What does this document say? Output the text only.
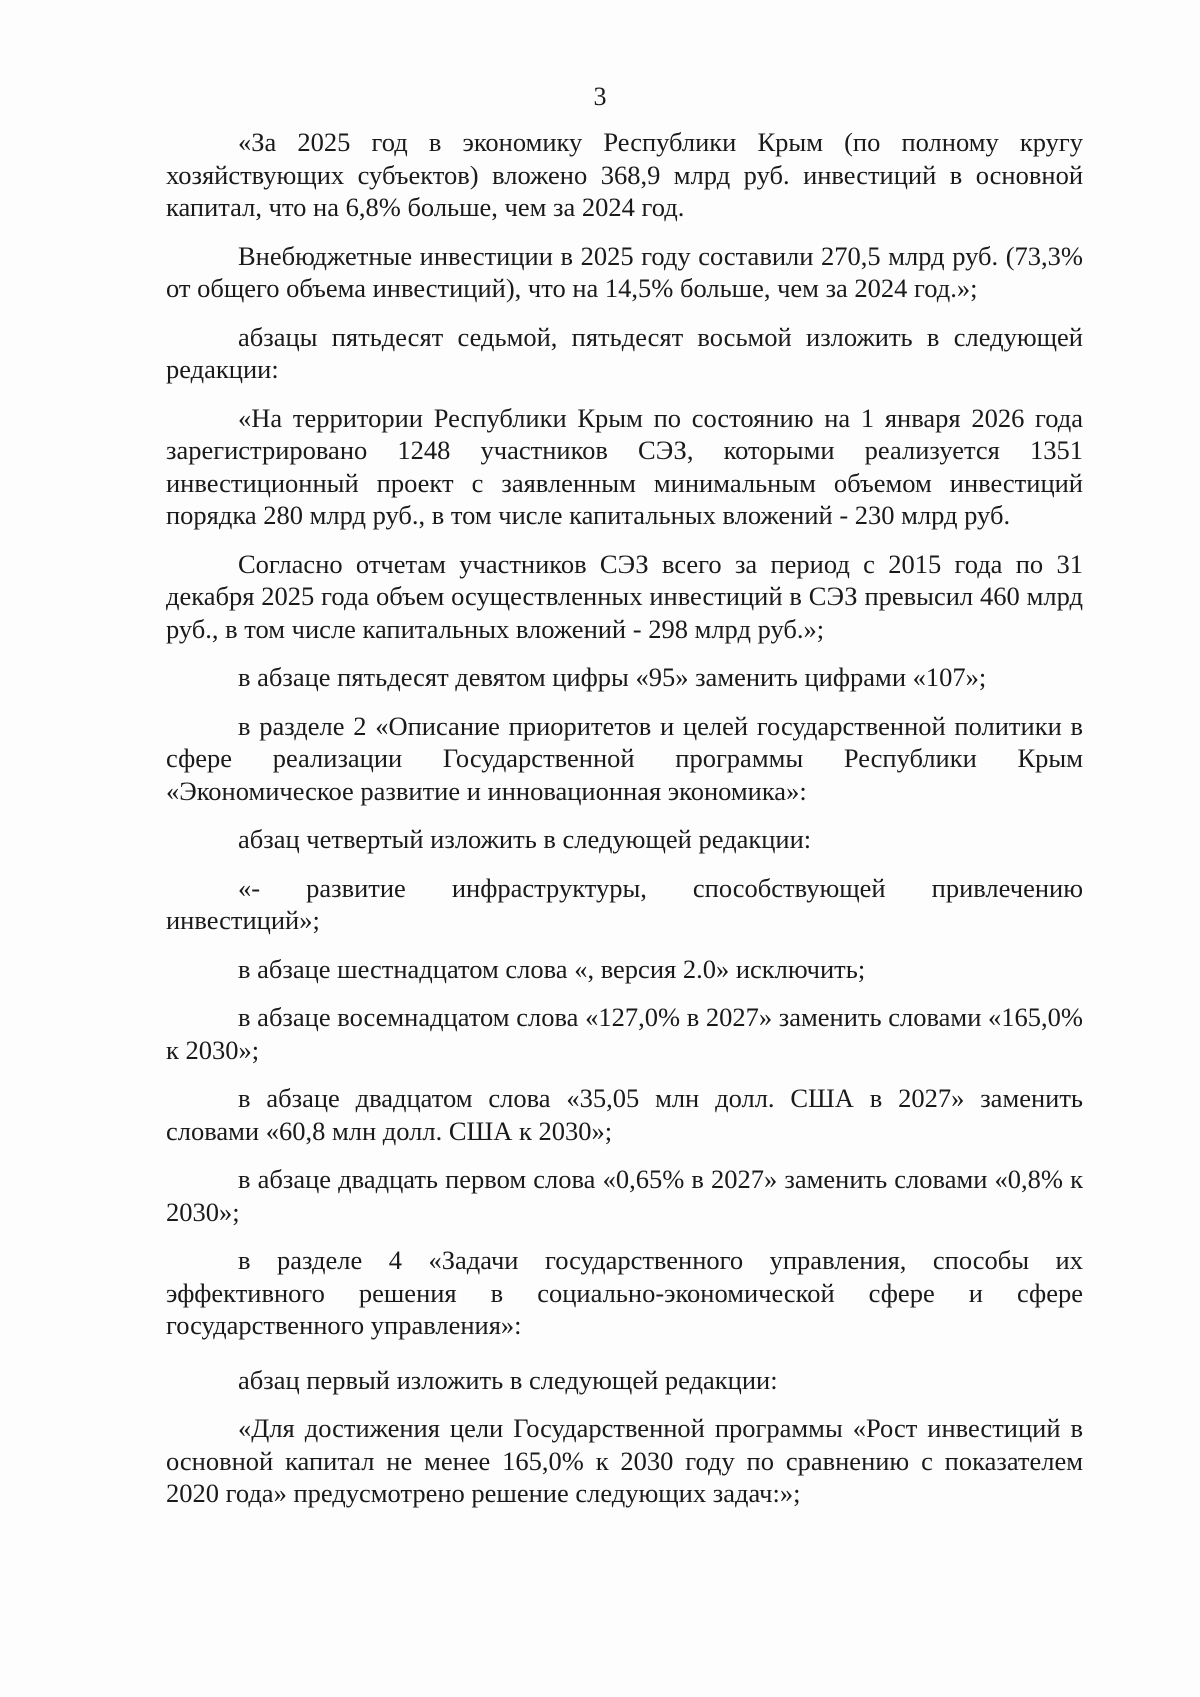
3

«За 2025 год в экономику Республики Крым (по полному кругу хозяйствующих субъектов) вложено 368,9 млрд руб. инвестиций в основной капитал, что на 6,8% больше, чем за 2024 год.

Внебюджетные инвестиции в 2025 году составили 270,5 млрд руб. (73,3% от общего объема инвестиций), что на 14,5% больше, чем за 2024 год.»;

абзацы пятьдесят седьмой, пятьдесят восьмой изложить в следующей редакции:

«На территории Республики Крым по состоянию на 1 января 2026 года зарегистрировано 1248 участников СЭЗ, которыми реализуется 1351 инвестиционный проект с заявленным минимальным объемом инвестиций порядка 280 млрд руб., в том числе капитальных вложений - 230 млрд руб.

Согласно отчетам участников СЭЗ всего за период с 2015 года по 31 декабря 2025 года объем осуществленных инвестиций в СЭЗ превысил 460 млрд руб., в том числе капитальных вложений - 298 млрд руб.»;

в абзаце пятьдесят девятом цифры «95» заменить цифрами «107»;

в разделе 2 «Описание приоритетов и целей государственной политики в сфере реализации Государственной программы Республики Крым «Экономическое развитие и инновационная экономика»:

абзац четвертый изложить в следующей редакции:

«- развитие инфраструктуры, способствующей привлечению инвестиций»;

в абзаце шестнадцатом слова «, версия 2.0» исключить;

в абзаце восемнадцатом слова «127,0% в 2027» заменить словами «165,0% к 2030»;

в абзаце двадцатом слова «35,05 млн долл. США в 2027» заменить словами «60,8 млн долл. США к 2030»;

в абзаце двадцать первом слова «0,65% в 2027» заменить словами «0,8% к 2030»;

в разделе 4 «Задачи государственного управления, способы их эффективного решения в социально-экономической сфере и сфере государственного управления»:

абзац первый изложить в следующей редакции:

«Для достижения цели Государственной программы «Рост инвестиций в основной капитал не менее 165,0% к 2030 году по сравнению с показателем 2020 года» предусмотрено решение следующих задач:»;
